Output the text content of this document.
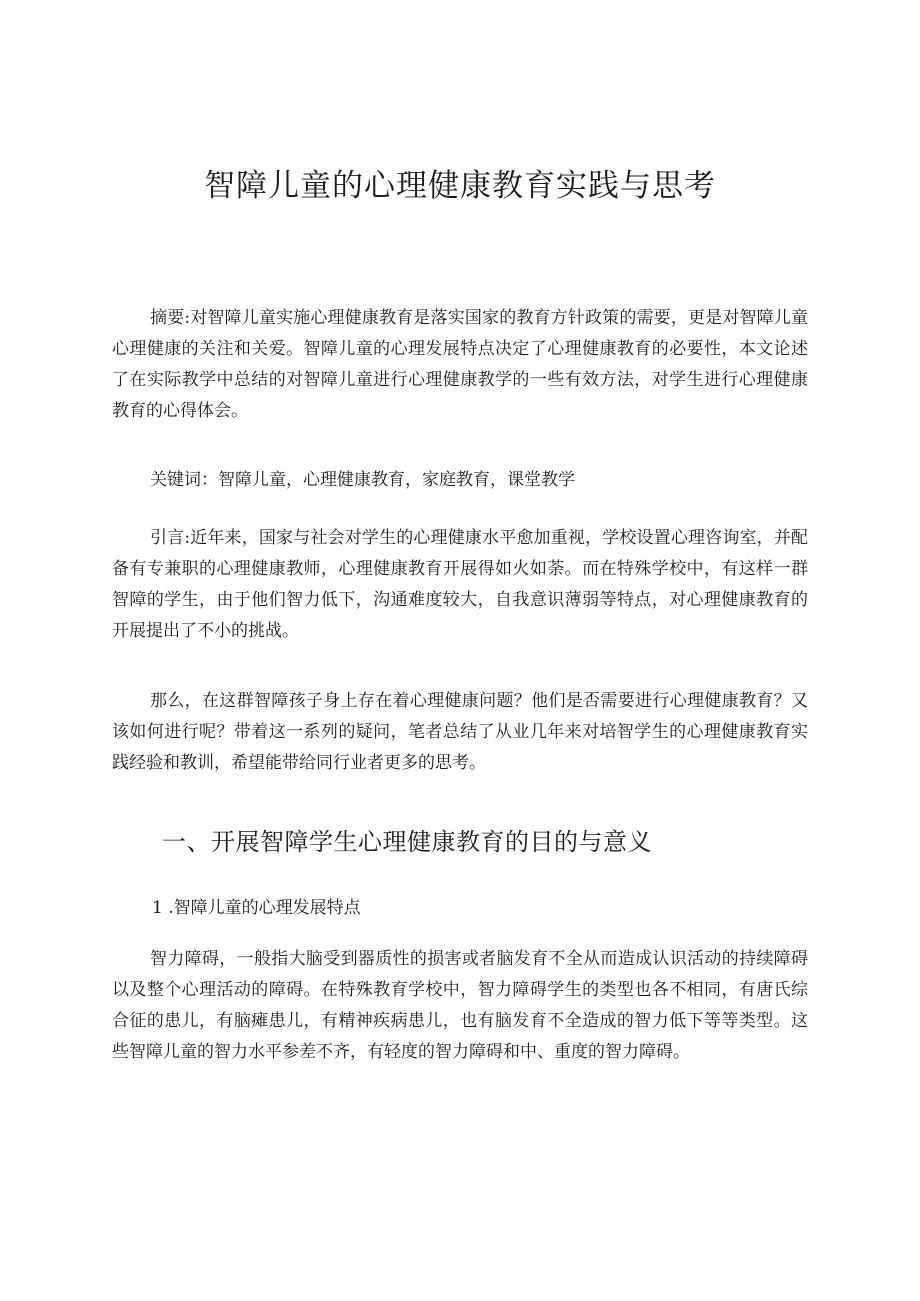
智障儿童的心理健康教育实践与思考

摘要:对智障儿童实施心理健康教育是落实国家的教育方针政策的需要，更是对智障儿童心理健康的关注和关爱。智障儿童的心理发展特点决定了心理健康教育的必要性，本文论述了在实际教学中总结的对智障儿童进行心理健康教学的一些有效方法，对学生进行心理健康教育的心得体会。

关键词：智障儿童，心理健康教育，家庭教育，课堂教学

引言:近年来，国家与社会对学生的心理健康水平愈加重视，学校设置心理咨询室，并配备有专兼职的心理健康教师，心理健康教育开展得如火如荼。而在特殊学校中，有这样一群智障的学生，由于他们智力低下，沟通难度较大，自我意识薄弱等特点，对心理健康教育的开展提出了不小的挑战。

那么，在这群智障孩子身上存在着心理健康问题？他们是否需要进行心理健康教育？又该如何进行呢？带着这一系列的疑问，笔者总结了从业几年来对培智学生的心理健康教育实践经验和教训，希望能带给同行业者更多的思考。

一、开展智障学生心理健康教育的目的与意义
1 .智障儿童的心理发展特点

智力障碍，一般指大脑受到器质性的损害或者脑发育不全从而造成认识活动的持续障碍以及整个心理活动的障碍。在特殊教育学校中，智力障碍学生的类型也各不相同，有唐氏综合征的患儿，有脑瘫患儿，有精神疾病患儿，也有脑发育不全造成的智力低下等等类型。这些智障儿童的智力水平参差不齐，有轻度的智力障碍和中、重度的智力障碍。
